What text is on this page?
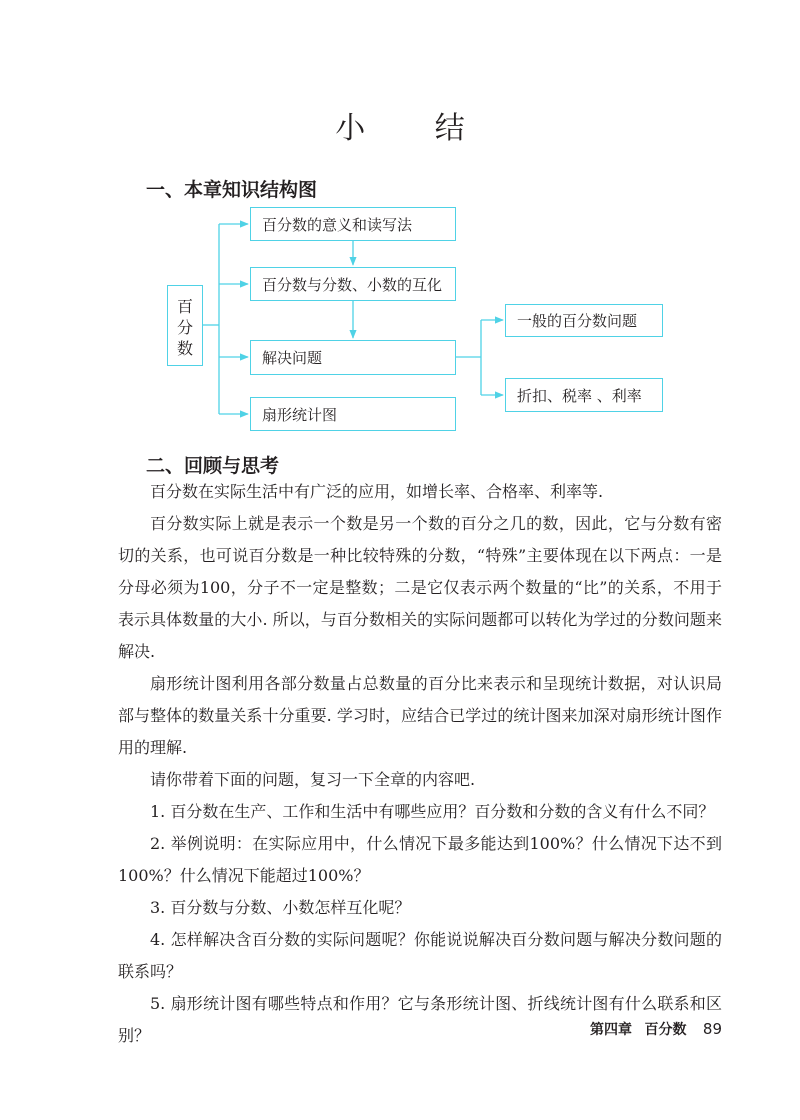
小 结
一、本章知识结构图
百
分
数
百分数的意义和读写法
百分数与分数、小数的互化
解决问题
扇形统计图
一般的百分数问题
折扣、税率 、利率
二、回顾与思考

百分数在实际生活中有广泛的应用，如增长率、合格率、利率等.

百分数实际上就是表示一个数是另一个数的百分之几的数，因此，它与分数有密切的关系，也可说百分数是一种比较特殊的分数，“特殊”主要体现在以下两点：一是分母必须为100，分子不一定是整数；二是它仅表示两个数量的“比”的关系，不用于表示具体数量的大小. 所以，与百分数相关的实际问题都可以转化为学过的分数问题来解决.

扇形统计图利用各部分数量占总数量的百分比来表示和呈现统计数据，对认识局部与整体的数量关系十分重要. 学习时，应结合已学过的统计图来加深对扇形统计图作用的理解.

请你带着下面的问题，复习一下全章的内容吧.

1. 百分数在生产、工作和生活中有哪些应用？百分数和分数的含义有什么不同？

2. 举例说明：在实际应用中，什么情况下最多能达到100%？什么情况下达不到100%？什么情况下能超过100%？

3. 百分数与分数、小数怎样互化呢？

4. 怎样解决含百分数的实际问题呢？你能说说解决百分数问题与解决分数问题的联系吗？

5. 扇形统计图有哪些特点和作用？它与条形统计图、折线统计图有什么联系和区别？	第四章 百分数 89
